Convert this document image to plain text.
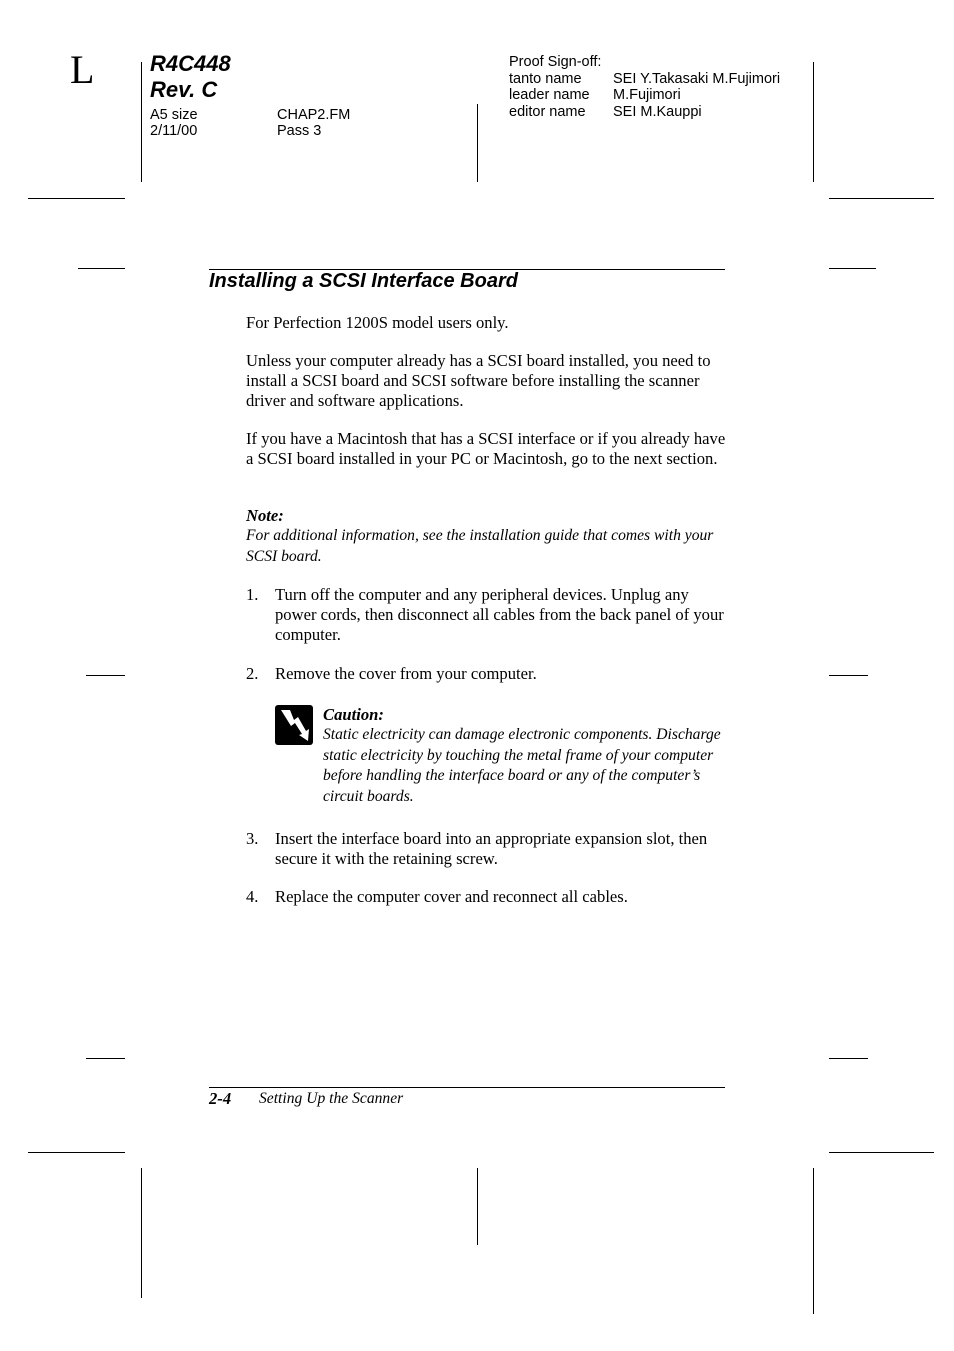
L	R4C448
Rev. C
A5 size
2/11/00
CHAP2.FM
Pass 3
Proof Sign-off:
tanto name SEI Y.Takasaki M.Fujimori
leader name M.Fujimori
editor name SEI M.Kauppi
Installing a SCSI Interface Board
For Perfection 1200S model users only.
Unless your computer already has a SCSI board installed, you need to install a SCSI board and SCSI software before installing the scanner driver and software applications.
If you have a Macintosh that has a SCSI interface or if you already have a SCSI board installed in your PC or Macintosh, go to the next section.
Note:
For additional information, see the installation guide that comes with your SCSI board.
1. Turn off the computer and any peripheral devices. Unplug any power cords, then disconnect all cables from the back panel of your computer.
2. Remove the cover from your computer.
Caution:
Static electricity can damage electronic components. Discharge static electricity by touching the metal frame of your computer before handling the interface board or any of the computer’s circuit boards.
3. Insert the interface board into an appropriate expansion slot, then secure it with the retaining screw.
4. Replace the computer cover and reconnect all cables.
2-4 Setting Up the Scanner
